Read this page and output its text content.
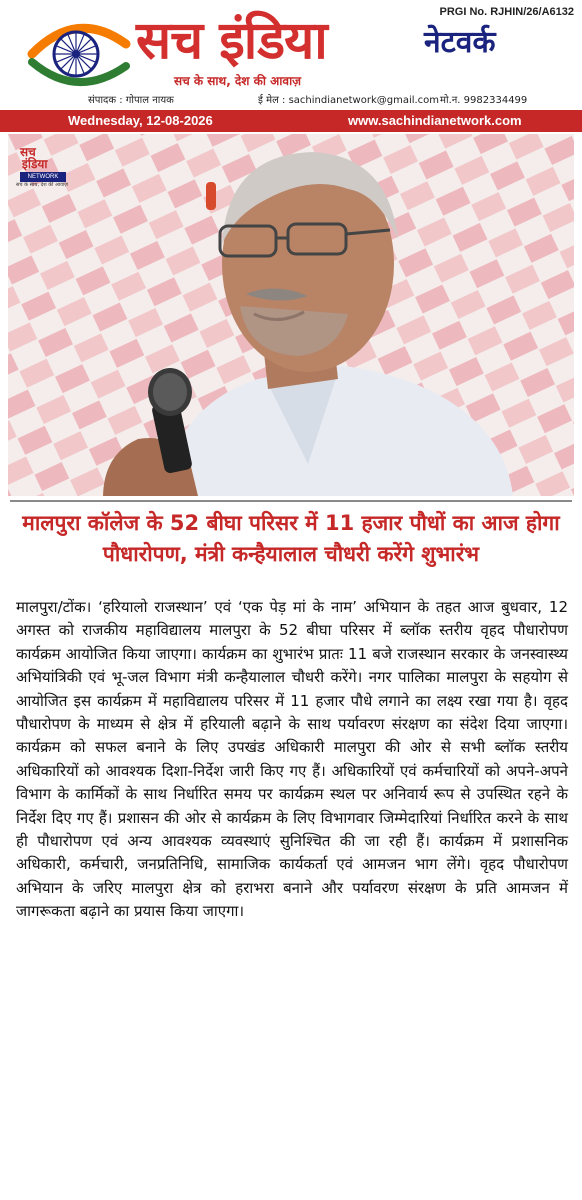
सच इंडिया	नेटवर्क
PRGI No. RJHIN/26/A6132
सच के साथ, देश की आवाज़
संपादक : गोपाल नायक	ई मेल : sachindianetwork@gmail.com मो.न. 9982334499
Wednesday, 12-08-2026	www.sachindianetwork.com
सच
इंडिया
NETWORK
सच के साथ, देश की आवाज़
मालपुरा कॉलेज के 52 बीघा परिसर में 11 हजार पौधों का आज होगा पौधारोपण, मंत्री कन्हैयालाल चौधरी करेंगे शुभारंभ
मालपुरा/टोंक। ‘हरियालो राजस्थान’ एवं ‘एक पेड़ मां के नाम’ अभियान के तहत आज बुधवार, 12 अगस्त को राजकीय महाविद्यालय मालपुरा के 52 बीघा परिसर में ब्लॉक स्तरीय वृहद पौधारोपण कार्यक्रम आयोजित किया जाएगा। कार्यक्रम का शुभारंभ प्रातः 11 बजे राजस्थान सरकार के जनस्वास्थ्य अभियांत्रिकी एवं भू-जल विभाग मंत्री कन्हैयालाल चौधरी करेंगे। नगर पालिका मालपुरा के सहयोग से आयोजित इस कार्यक्रम में महाविद्यालय परिसर में 11 हजार पौधे लगाने का लक्ष्य रखा गया है। वृहद पौधारोपण के माध्यम से क्षेत्र में हरियाली बढ़ाने के साथ पर्यावरण संरक्षण का संदेश दिया जाएगा। कार्यक्रम को सफल बनाने के लिए उपखंड अधिकारी मालपुरा की ओर से सभी ब्लॉक स्तरीय अधिकारियों को आवश्यक दिशा-निर्देश जारी किए गए हैं। अधिकारियों एवं कर्मचारियों को अपने-अपने विभाग के कार्मिकों के साथ निर्धारित समय पर कार्यक्रम स्थल पर अनिवार्य रूप से उपस्थित रहने के निर्देश दिए गए हैं। प्रशासन की ओर से कार्यक्रम के लिए विभागवार जिम्मेदारियां निर्धारित करने के साथ ही पौधारोपण एवं अन्य आवश्यक व्यवस्थाएं सुनिश्चित की जा रही हैं। कार्यक्रम में प्रशासनिक अधिकारी, कर्मचारी, जनप्रतिनिधि, सामाजिक कार्यकर्ता एवं आमजन भाग लेंगे। वृहद पौधारोपण अभियान के जरिए मालपुरा क्षेत्र को हराभरा बनाने और पर्यावरण संरक्षण के प्रति आमजन में जागरूकता बढ़ाने का प्रयास किया जाएगा।
